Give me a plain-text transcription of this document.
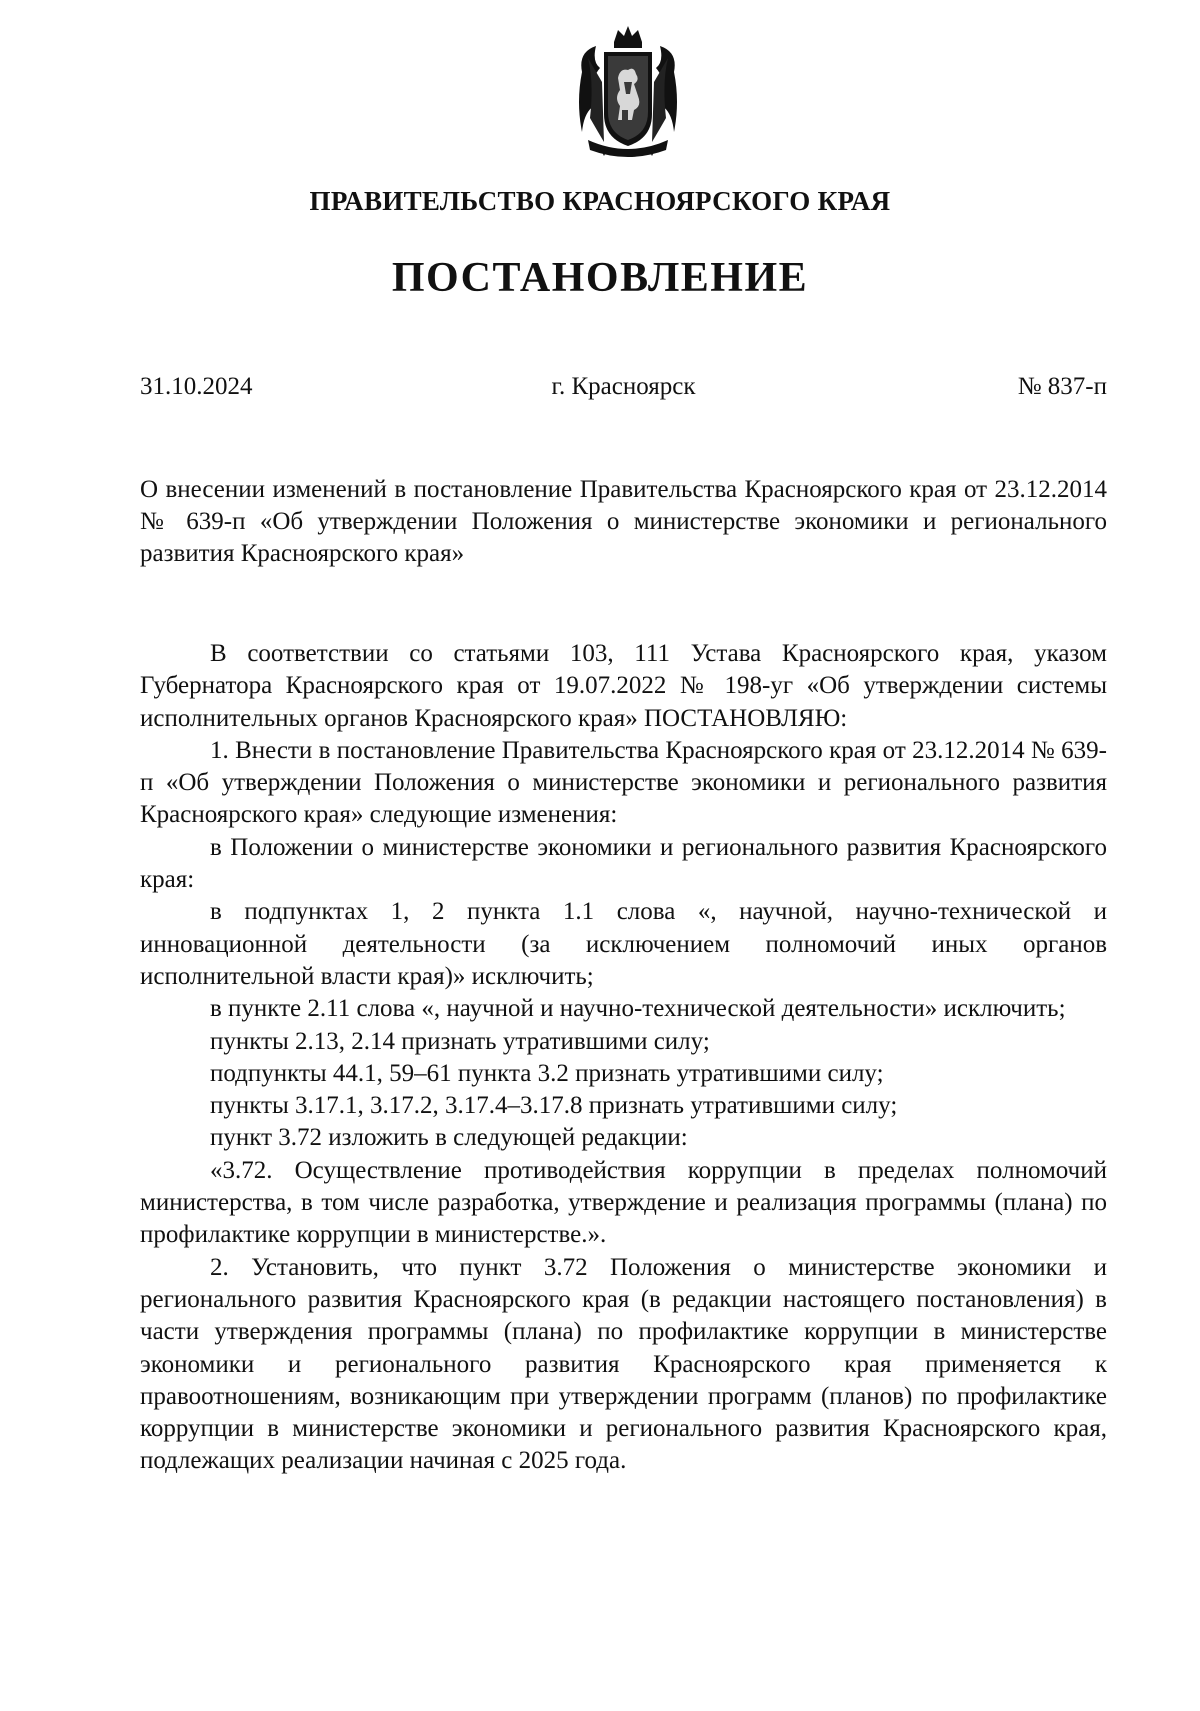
ПРАВИТЕЛЬСТВО КРАСНОЯРСКОГО КРАЯ
ПОСТАНОВЛЕНИЕ
31.10.2024	г. Красноярск	№ 837-п
О внесении изменений в постановление Правительства Красноярского края от 23.12.2014 № 639-п «Об утверждении Положения о министерстве экономики и регионального развития Красноярского края»

В соответствии со статьями 103, 111 Устава Красноярского края, указом Губернатора Красноярского края от 19.07.2022 № 198-уг «Об утверждении системы исполнительных органов Красноярского края» ПОСТАНОВЛЯЮ:

1. Внести в постановление Правительства Красноярского края от 23.12.2014 № 639-п «Об утверждении Положения о министерстве экономики и регионального развития Красноярского края» следующие изменения:

в Положении о министерстве экономики и регионального развития Красноярского края:

в подпунктах 1, 2 пункта 1.1 слова «, научной, научно-технической и инновационной деятельности (за исключением полномочий иных органов исполнительной власти края)» исключить;

в пункте 2.11 слова «, научной и научно-технической деятельности» исключить;

пункты 2.13, 2.14 признать утратившими силу;

подпункты 44.1, 59–61 пункта 3.2 признать утратившими силу;

пункты 3.17.1, 3.17.2, 3.17.4–3.17.8 признать утратившими силу;

пункт 3.72 изложить в следующей редакции:

«3.72. Осуществление противодействия коррупции в пределах полномочий министерства, в том числе разработка, утверждение и реализация программы (плана) по профилактике коррупции в министерстве.».

2. Установить, что пункт 3.72 Положения о министерстве экономики и регионального развития Красноярского края (в редакции настоящего постановления) в части утверждения программы (плана) по профилактике коррупции в министерстве экономики и регионального развития Красноярского края применяется к правоотношениям, возникающим при утверждении программ (планов) по профилактике коррупции в министерстве экономики и регионального развития Красноярского края, подлежащих реализации начиная с 2025 года.
